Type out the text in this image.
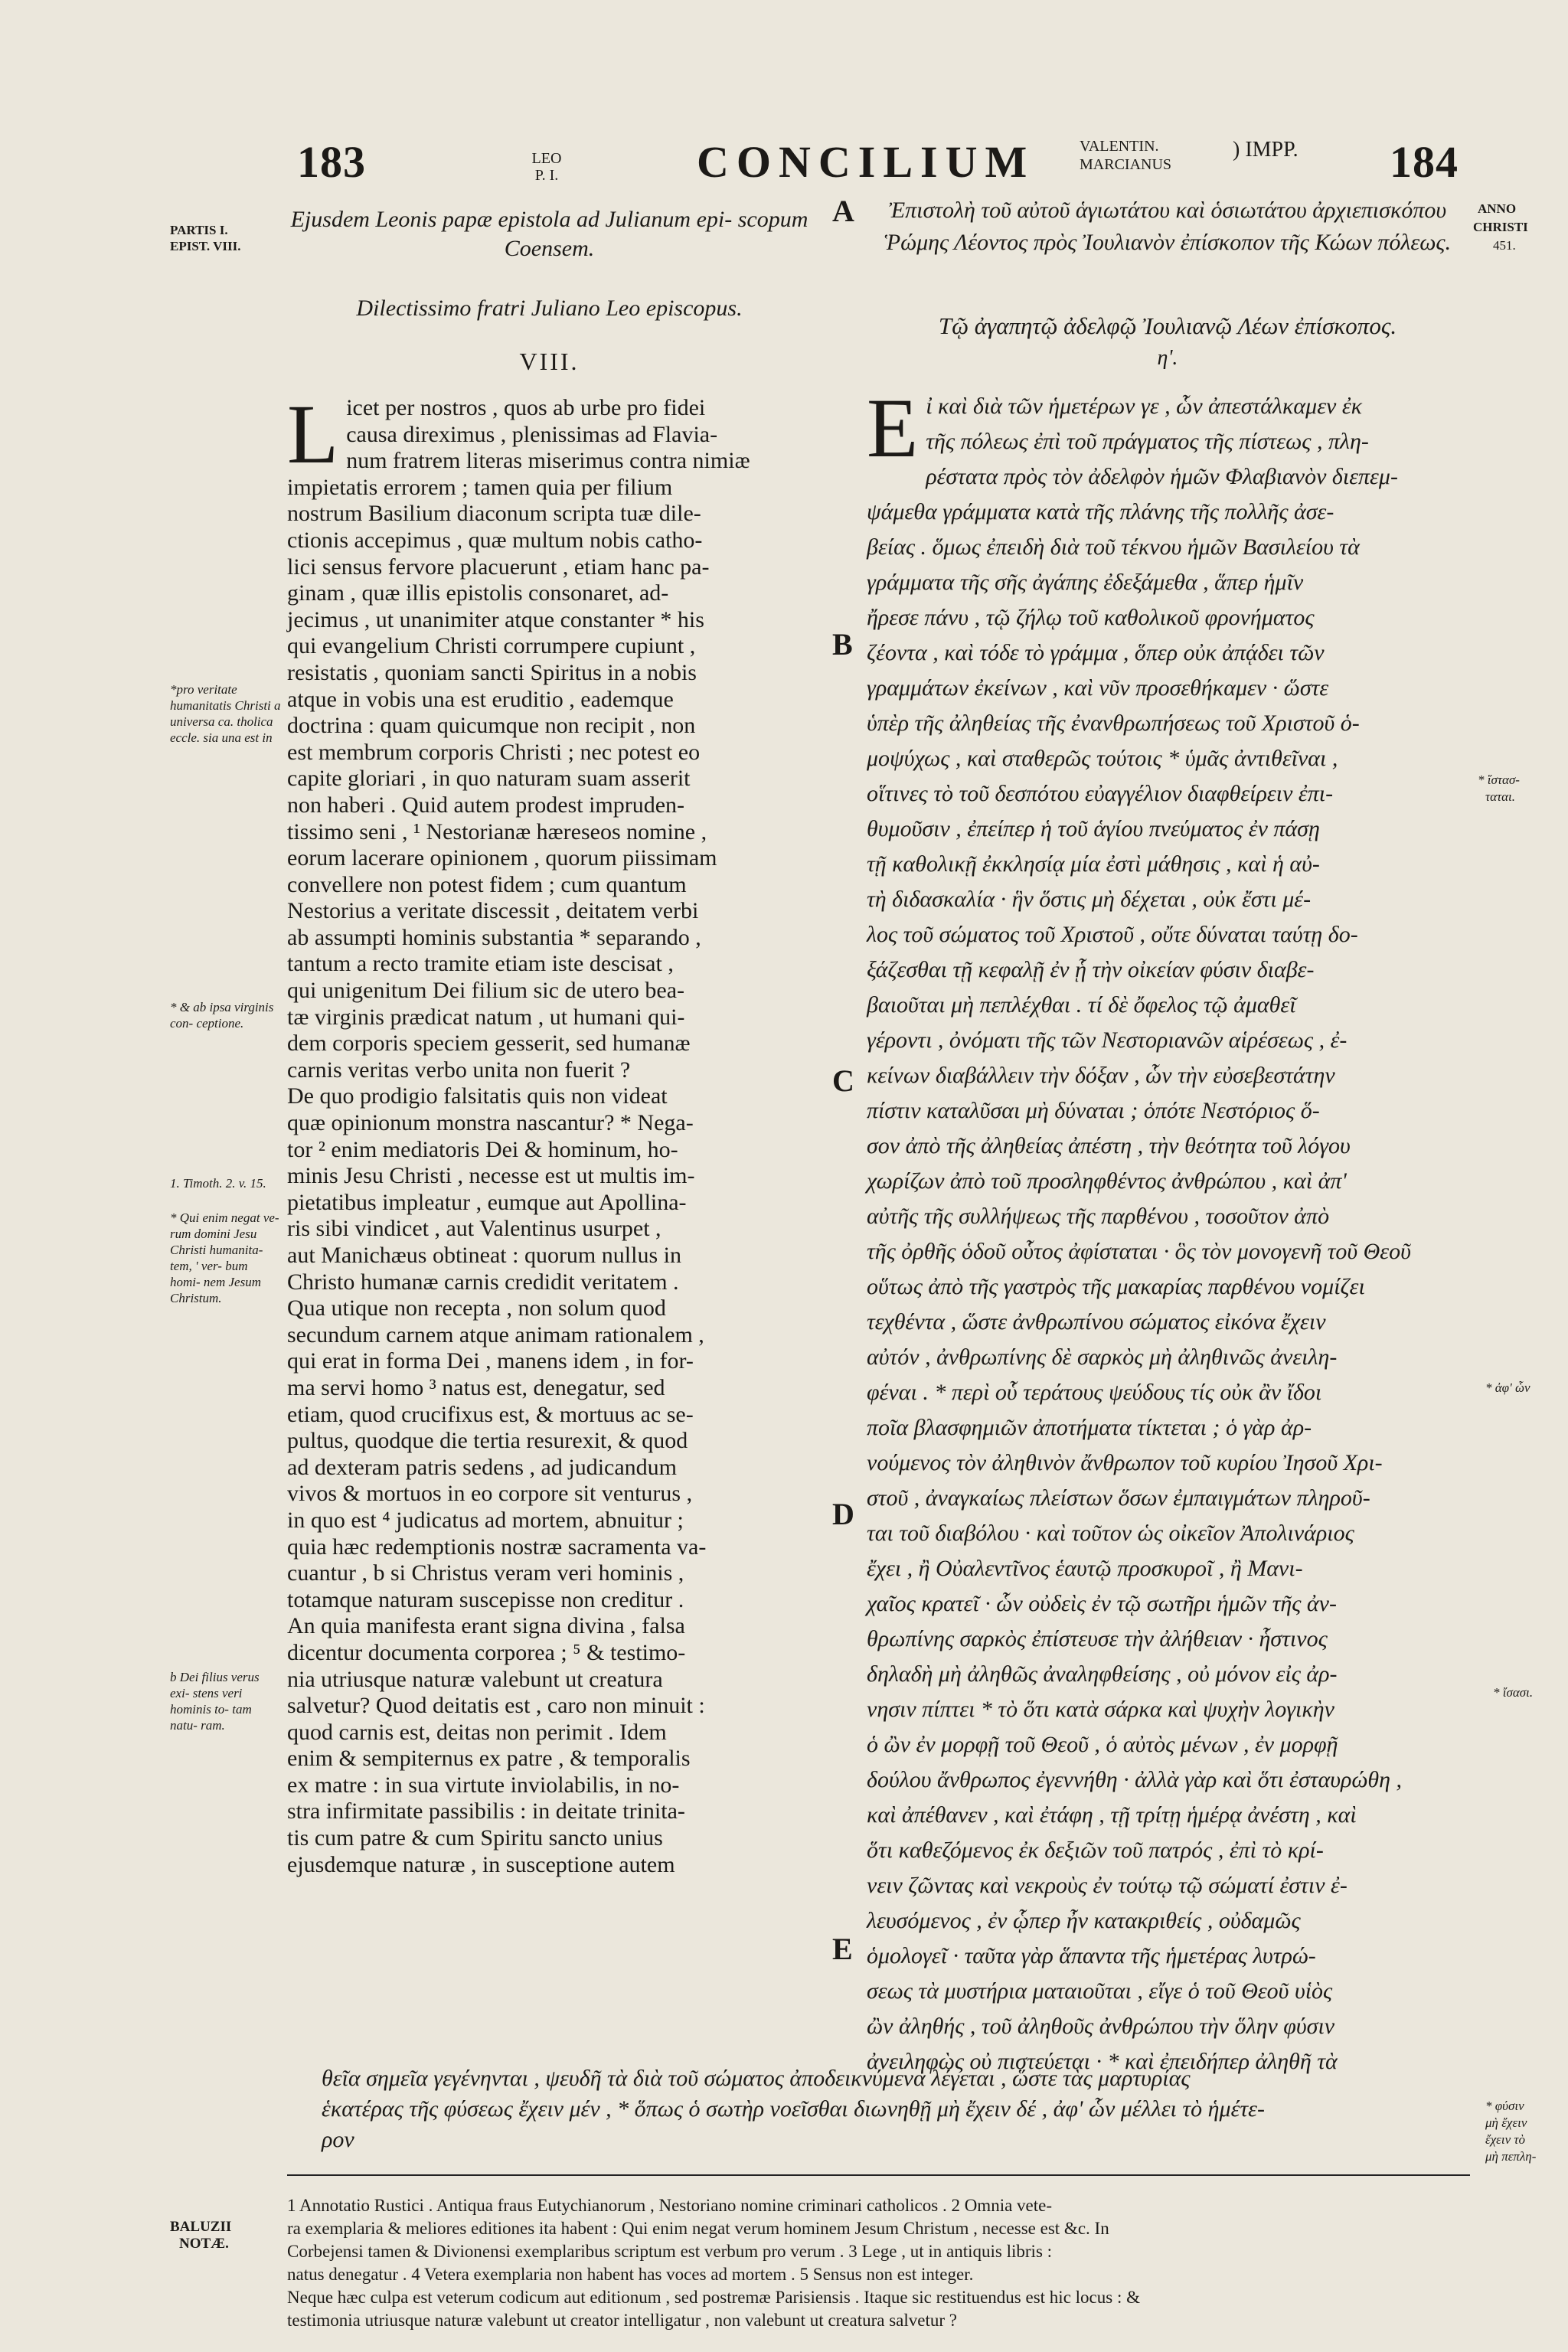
183	LEO
P. I.	CONCILIUM	VALENTIN.
MARCIANUS
) IMPP. 184
PARTIS I.
EPIST. VIII.
*pro veritate humanitatis Christi a universa ca. tholica eccle. sia una est in
* & ab ipsa virginis con- ceptione.
1. Timoth. 2. v. 15.
* Qui enim negat ve- rum domini Jesu Christi humanita- tem, ' ver- bum homi- nem Jesum Christum.
b Dei filius verus exi- stens veri hominis to- tam natu- ram.
ANNO
CHRISTI
451.
* ἵστασ-
ταται.
* ἀφ' ὧν
* ἴσασι.
* φύσιν
μὴ ἔχειν
ἔχειν τὸ
μὴ πεπλη-
A
B
C
D
E
Ejusdem Leonis papæ epistola ad Julianum epi- scopum Coensem.
Dilectissimo fratri Juliano Leo episcopus.
VIII.
L icet per nostros , quos ab urbe pro fidei
causa direximus , plenissimas ad Flavia-
num fratrem literas miserimus contra nimiæ
impietatis errorem ; tamen quia per filium
nostrum Basilium diaconum scripta tuæ dile-
ctionis accepimus , quæ multum nobis catho-
lici sensus fervore placuerunt , etiam hanc pa-
ginam , quæ illis epistolis consonaret, ad-
jecimus , ut unanimiter atque constanter * his
qui evangelium Christi corrumpere cupiunt ,
resistatis , quoniam sancti Spiritus in a nobis
atque in vobis una est eruditio , eademque
doctrina : quam quicumque non recipit , non
est membrum corporis Christi ; nec potest eo
capite gloriari , in quo naturam suam asserit
non haberi . Quid autem prodest impruden-
tissimo seni , ¹ Nestorianæ hæreseos nomine ,
eorum lacerare opinionem , quorum piissimam
convellere non potest fidem ; cum quantum
Nestorius a veritate discessit , deitatem verbi
ab assumpti hominis substantia * separando ,
tantum a recto tramite etiam iste descisat ,
qui unigenitum Dei filium sic de utero bea-
tæ virginis prædicat natum , ut humani qui-
dem corporis speciem gesserit, sed humanæ
carnis veritas verbo unita non fuerit ?
De quo prodigio falsitatis quis non videat
quæ opinionum monstra nascantur? * Nega-
tor ² enim mediatoris Dei & hominum, ho-
minis Jesu Christi , necesse est ut multis im-
pietatibus impleatur , eumque aut Apollina-
ris sibi vindicet , aut Valentinus usurpet ,
aut Manichæus obtineat : quorum nullus in
Christo humanæ carnis credidit veritatem .
Qua utique non recepta , non solum quod
secundum carnem atque animam rationalem ,
qui erat in forma Dei , manens idem , in for-
ma servi homo ³ natus est, denegatur, sed
etiam, quod crucifixus est, & mortuus ac se-
pultus, quodque die tertia resurexit, & quod
ad dexteram patris sedens , ad judicandum
vivos & mortuos in eo corpore sit venturus ,
in quo est ⁴ judicatus ad mortem, abnuitur ;
quia hæc redemptionis nostræ sacramenta va-
cuantur , b si Christus veram veri hominis ,
totamque naturam suscepisse non creditur .
An quia manifesta erant signa divina , falsa
dicentur documenta corporea ; ⁵ & testimo-
nia utriusque naturæ valebunt ut creatura
salvetur? Quod deitatis est , caro non minuit :
quod carnis est, deitas non perimit . Idem
enim & sempiternus ex patre , & temporalis
ex matre : in sua virtute inviolabilis, in no-
stra infirmitate passibilis : in deitate trinita-
tis cum patre & cum Spiritu sancto unius
ejusdemque naturæ , in susceptione autem
Ἐπιστολὴ τοῦ αὐτοῦ ἁγιωτάτου καὶ ὁσιωτάτου ἀρχιεπισκόπου Ῥώμης Λέοντος πρὸς Ἰουλιανὸν ἐπίσκοπον τῆς Κώων πόλεως.
Τῷ ἀγαπητῷ ἀδελφῷ Ἰουλιανῷ Λέων ἐπίσκοπος.
η'.
Ε ἰ καὶ διὰ τῶν ἡμετέρων γε , ὧν ἀπεστάλκαμεν ἐκ
τῆς πόλεως ἐπὶ τοῦ πράγματος τῆς πίστεως , πλη-
ρέστατα πρὸς τὸν ἀδελφὸν ἡμῶν Φλαβιανὸν διεπεμ-
ψάμεθα γράμματα κατὰ τῆς πλάνης τῆς πολλῆς ἀσε-
βείας . ὅμως ἐπειδὴ διὰ τοῦ τέκνου ἡμῶν Βασιλείου τὰ
γράμματα τῆς σῆς ἀγάπης ἐδεξάμεθα , ἅπερ ἡμῖν
ἤρεσε πάνυ , τῷ ζήλῳ τοῦ καθολικοῦ φρονήματος
ζέοντα , καὶ τόδε τὸ γράμμα , ὅπερ οὐκ ἀπᾴδει τῶν
γραμμάτων ἐκείνων , καὶ νῦν προσεθήκαμεν · ὥστε
ὑπὲρ τῆς ἀληθείας τῆς ἐνανθρωπήσεως τοῦ Χριστοῦ ὁ-
μοψύχως , καὶ σταθερῶς τούτοις * ὑμᾶς ἀντιθεῖναι ,
οἵτινες τὸ τοῦ δεσπότου εὐαγγέλιον διαφθείρειν ἐπι-
θυμοῦσιν , ἐπείπερ ἡ τοῦ ἁγίου πνεύματος ἐν πάσῃ
τῇ καθολικῇ ἐκκλησίᾳ μία ἐστὶ μάθησις , καὶ ἡ αὐ-
τὴ διδασκαλία · ἣν ὅστις μὴ δέχεται , οὐκ ἔστι μέ-
λος τοῦ σώματος τοῦ Χριστοῦ , οὔτε δύναται ταύτῃ δο-
ξάζεσθαι τῇ κεφαλῇ ἐν ᾗ τὴν οἰκείαν φύσιν διαβε-
βαιοῦται μὴ πεπλέχθαι . τί δὲ ὄφελος τῷ ἀμαθεῖ
γέροντι , ὀνόματι τῆς τῶν Νεστοριανῶν αἱρέσεως , ἐ-
κείνων διαβάλλειν τὴν δόξαν , ὧν τὴν εὐσεβεστάτην
πίστιν καταλῦσαι μὴ δύναται ; ὁπότε Νεστόριος ὅ-
σον ἀπὸ τῆς ἀληθείας ἀπέστη , τὴν θεότητα τοῦ λόγου
χωρίζων ἀπὸ τοῦ προσληφθέντος ἀνθρώπου , καὶ ἀπ'
αὐτῆς τῆς συλλήψεως τῆς παρθένου , τοσοῦτον ἀπὸ
τῆς ὀρθῆς ὁδοῦ οὗτος ἀφίσταται · ὃς τὸν μονογενῆ τοῦ Θεοῦ
οὕτως ἀπὸ τῆς γαστρὸς τῆς μακαρίας παρθένου νομίζει
τεχθέντα , ὥστε ἀνθρωπίνου σώματος εἰκόνα ἔχειν
αὐτόν , ἀνθρωπίνης δὲ σαρκὸς μὴ ἀληθινῶς ἀνειλη-
φέναι . * περὶ οὗ τεράτους ψεύδους τίς οὐκ ἂν ἴδοι
ποῖα βλασφημιῶν ἀποτήματα τίκτεται ; ὁ γὰρ ἀρ-
νούμενος τὸν ἀληθινὸν ἄνθρωπον τοῦ κυρίου Ἰησοῦ Χρι-
στοῦ , ἀναγκαίως πλείστων ὅσων ἐμπαιγμάτων πληροῦ-
ται τοῦ διαβόλου · καὶ τοῦτον ὡς οἰκεῖον Ἀπολινάριος
ἔχει , ἢ Οὐαλεντῖνος ἑαυτῷ προσκυροῖ , ἢ Μανι-
χαῖος κρατεῖ · ὧν οὐδεὶς ἐν τῷ σωτῆρι ἡμῶν τῆς ἀν-
θρωπίνης σαρκὸς ἐπίστευσε τὴν ἀλήθειαν · ἧστινος
δηλαδὴ μὴ ἀληθῶς ἀναληφθείσης , οὐ μόνον εἰς ἀρ-
νησιν πίπτει * τὸ ὅτι κατὰ σάρκα καὶ ψυχὴν λογικὴν
ὁ ὢν ἐν μορφῇ τοῦ Θεοῦ , ὁ αὐτὸς μένων , ἐν μορφῇ
δούλου ἄνθρωπος ἐγεννήθη · ἀλλὰ γὰρ καὶ ὅτι ἐσταυρώθη ,
καὶ ἀπέθανεν , καὶ ἐτάφη , τῇ τρίτῃ ἡμέρᾳ ἀνέστη , καὶ
ὅτι καθεζόμενος ἐκ δεξιῶν τοῦ πατρός , ἐπὶ τὸ κρί-
νειν ζῶντας καὶ νεκροὺς ἐν τούτῳ τῷ σώματί ἐστιν ἐ-
λευσόμενος , ἐν ᾧπερ ἦν κατακριθείς , οὐδαμῶς
ὁμολογεῖ · ταῦτα γὰρ ἅπαντα τῆς ἡμετέρας λυτρώ-
σεως τὰ μυστήρια ματαιοῦται , εἴγε ὁ τοῦ Θεοῦ υἱὸς
ὢν ἀληθής , τοῦ ἀληθοῦς ἀνθρώπου τὴν ὅλην φύσιν
ἀνειληφὼς οὐ πιστεύεται · * καὶ ἐπειδήπερ ἀληθῆ τὰ
θεῖα σημεῖα γεγένηνται , ψευδῆ τὰ διὰ τοῦ σώματος ἀποδεικνύμενα λέγεται , ὥστε τὰς μαρτυρίας
ἑκατέρας τῆς φύσεως ἔχειν μέν , * ὅπως ὁ σωτὴρ νοεῖσθαι διωνηθῇ μὴ ἔχειν δέ , ἀφ' ὧν μέλλει τὸ ἡμέτε-
ρον
BALUZII
NOTÆ.
1 Annotatio Rustici . Antiqua fraus Eutychianorum , Nestoriano nomine criminari catholicos . 2 Omnia vete-
ra exemplaria & meliores editiones ita habent : Qui enim negat verum hominem Jesum Christum , necesse est &c. In
Corbejensi tamen & Divionensi exemplaribus scriptum est verbum pro verum . 3 Lege , ut in antiquis libris :
natus denegatur . 4 Vetera exemplaria non habent has voces ad mortem . 5 Sensus non est integer.
Neque hæc culpa est veterum codicum aut editionum , sed postremæ Parisiensis . Itaque sic restituendus est hic locus : &
testimonia utriusque naturæ valebunt ut creator intelligatur , non valebunt ut creatura salvetur ?
